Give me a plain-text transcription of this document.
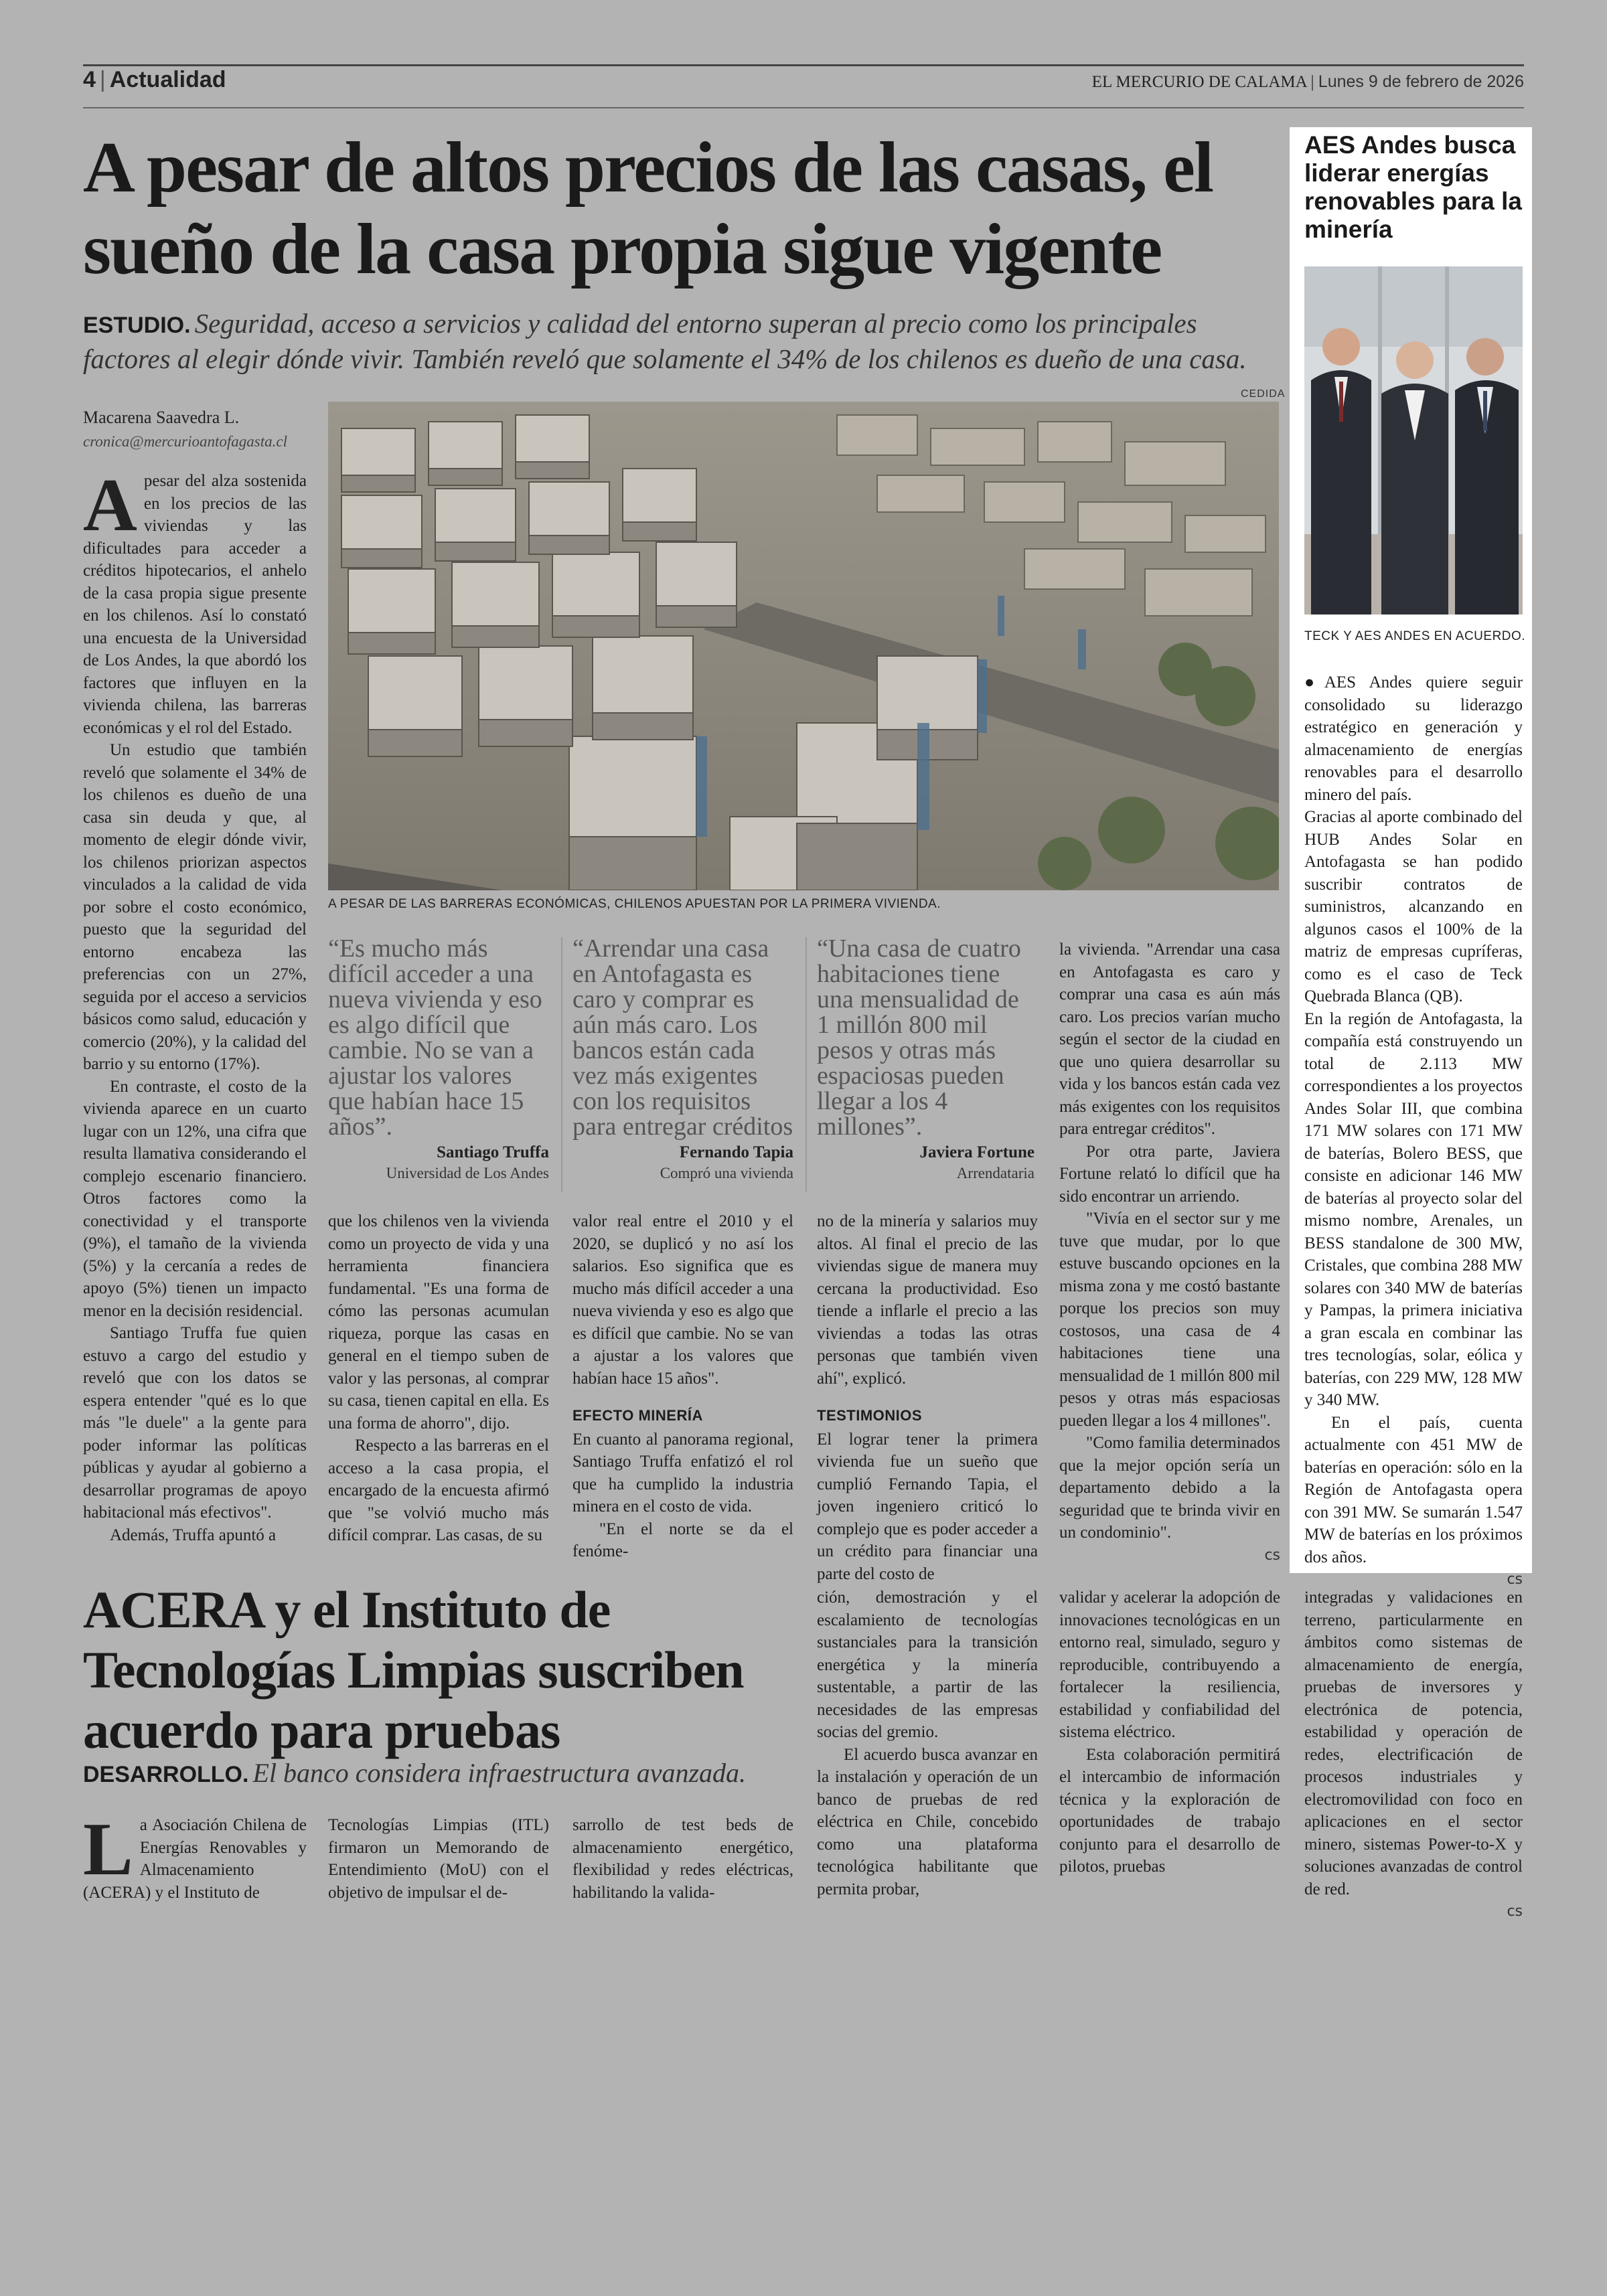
4 | Actualidad	EL MERCURIO DE CALAMA | Lunes 9 de febrero de 2026
A pesar de altos precios de las casas, el sueño de la casa propia sigue vigente
ESTUDIO. Seguridad, acceso a servicios y calidad del entorno superan al precio como los principales factores al elegir dónde vivir. También reveló que solamente el 34% de los chilenos es dueño de una casa.
Macarena Saavedra L.
cronica@mercurioantofagasta.cl
CEDIDA
A PESAR DE LAS BARRERAS ECONÓMICAS, CHILENOS APUESTAN POR LA PRIMERA VIVIENDA.

Apesar del alza sostenida en los precios de las viviendas y las dificultades para acceder a créditos hipotecarios, el anhelo de la casa propia sigue presente en los chilenos. Así lo constató una encuesta de la Universidad de Los Andes, la que abordó los factores que influyen en la vivienda chilena, las barreras económicas y el rol del Estado.

Un estudio que también reveló que solamente el 34% de los chilenos es dueño de una casa sin deuda y que, al momento de elegir dónde vivir, los chilenos priorizan aspectos vinculados a la calidad de vida por sobre el costo económico, puesto que la seguridad del entorno encabeza las preferencias con un 27%, seguida por el acceso a servicios básicos como salud, educación y comercio (20%), y la calidad del barrio y su entorno (17%).

En contraste, el costo de la vivienda aparece en un cuarto lugar con un 12%, una cifra que resulta llamativa considerando el complejo escenario financiero. Otros factores como la conectividad y el transporte (9%), el tamaño de la vivienda (5%) y la cercanía a redes de apoyo (5%) tienen un impacto menor en la decisión residencial.

Santiago Truffa fue quien estuvo a cargo del estudio y reveló que con los datos se espera entender "qué es lo que más "le duele" a la gente para poder informar las políticas públicas y ayudar al gobierno a desarrollar programas de apoyo habitacional más efectivos".

Además, Truffa apuntó a

“Es mucho más difícil acceder a una nueva vivienda y eso es algo difícil que cambie. No se van a ajustar los valores que habían hace 15 años”.
Santiago Truffa
Universidad de Los Andes
“Arrendar una casa en Antofagasta es caro y comprar es aún más caro. Los bancos están cada vez más exigentes con los requisitos para entregar créditos
Fernando Tapia
Compró una vivienda
“Una casa de cuatro habitaciones tiene una mensualidad de 1 millón 800 mil pesos y otras más espaciosas pueden llegar a los 4 millones”.
Javiera Fortune
Arrendataria

que los chilenos ven la vivienda como un proyecto de vida y una herramienta financiera fundamental. "Es una forma de cómo las personas acumulan riqueza, porque las casas en general en el tiempo suben de valor y las personas, al comprar su casa, tienen capital en ella. Es una forma de ahorro", dijo.

Respecto a las barreras en el acceso a la casa propia, el encargado de la encuesta afirmó que "se volvió mucho más difícil comprar. Las casas, de su

valor real entre el 2010 y el 2020, se duplicó y no así los salarios. Eso significa que es mucho más difícil acceder a una nueva vivienda y eso es algo que es difícil que cambie. No se van a ajustar a los valores que habían hace 15 años".

EFECTO MINERÍA

En cuanto al panorama regional, Santiago Truffa enfatizó el rol que ha cumplido la industria minera en el costo de vida.

"En el norte se da el fenóme-

no de la minería y salarios muy altos. Al final el precio de las viviendas sigue de manera muy cercana la productividad. Eso tiende a inflarle el precio a las viviendas a todas las otras personas que también viven ahí", explicó.

TESTIMONIOS

El lograr tener la primera vivienda fue un sueño que cumplió Fernando Tapia, el joven ingeniero criticó lo complejo que es poder acceder a un crédito para financiar una parte del costo de

la vivienda. "Arrendar una casa en Antofagasta es caro y comprar una casa es aún más caro. Los precios varían mucho según el sector de la ciudad en que uno quiera desarrollar su vida y los bancos están cada vez más exigentes con los requisitos para entregar créditos".

Por otra parte, Javiera Fortune relató lo difícil que ha sido encontrar un arriendo.

"Vivía en el sector sur y me tuve que mudar, por lo que estuve buscando opciones en la misma zona y me costó bastante porque los precios son muy costosos, una casa de 4 habitaciones tiene una mensualidad de 1 millón 800 mil pesos y otras más espaciosas pueden llegar a los 4 millones".

"Como familia determinados que la mejor opción sería un departamento debido a la seguridad que te brinda vivir en un condominio".

cs
AES Andes busca liderar energías renovables para la minería
TECK Y AES ANDES EN ACUERDO.

●AES Andes quiere seguir consolidado su liderazgo estratégico en generación y almacenamiento de energías renovables para el desarrollo minero del país.

Gracias al aporte combinado del HUB Andes Solar en Antofagasta se han podido suscribir contratos de suministros, alcanzando en algunos casos el 100% de la matriz de empresas cupríferas, como es el caso de Teck Quebrada Blanca (QB).

En la región de Antofagasta, la compañía está construyendo un total de 2.113 MW correspondientes a los proyectos Andes Solar III, que combina 171 MW solares con 171 MW de baterías, Bolero BESS, que consiste en adicionar 146 MW de baterías al proyecto solar del mismo nombre, Arenales, un BESS standalone de 300 MW, Cristales, que combina 288 MW solares con 340 MW de baterías y Pampas, la primera iniciativa a gran escala en combinar las tres tecnologías, solar, eólica y baterías, con 229 MW, 128 MW y 340 MW.

En el país, cuenta actualmente con 451 MW de baterías en operación: sólo en la Región de Antofagasta opera con 391 MW. Se sumarán 1.547 MW de baterías en los próximos dos años.

cs
ACERA y el Instituto de Tecnologías Limpias suscriben acuerdo para pruebas
DESARROLLO. El banco considera infraestructura avanzada.

La Asociación Chilena de Energías Renovables y Almacenamiento (ACERA) y el Instituto de

Tecnologías Limpias (ITL) firmaron un Memorando de Entendimiento (MoU) con el objetivo de impulsar el de-

sarrollo de test beds de almacenamiento energético, flexibilidad y redes eléctricas, habilitando la valida-

ción, demostración y el escalamiento de tecnologías sustanciales para la transición energética y la minería sustentable, a partir de las necesidades de las empresas socias del gremio.

El acuerdo busca avanzar en la instalación y operación de un banco de pruebas de red eléctrica en Chile, concebido como una plataforma tecnológica habilitante que permita probar,

validar y acelerar la adopción de innovaciones tecnológicas en un entorno real, simulado, seguro y reproducible, contribuyendo a fortalecer la resiliencia, estabilidad y confiabilidad del sistema eléctrico.

Esta colaboración permitirá el intercambio de información técnica y la exploración de oportunidades de trabajo conjunto para el desarrollo de pilotos, pruebas

integradas y validaciones en terreno, particularmente en ámbitos como sistemas de almacenamiento de energía, pruebas de inversores y electrónica de potencia, estabilidad y operación de redes, electrificación de procesos industriales y electromovilidad con foco en aplicaciones en el sector minero, sistemas Power-to-X y soluciones avanzadas de control de red.

cs
